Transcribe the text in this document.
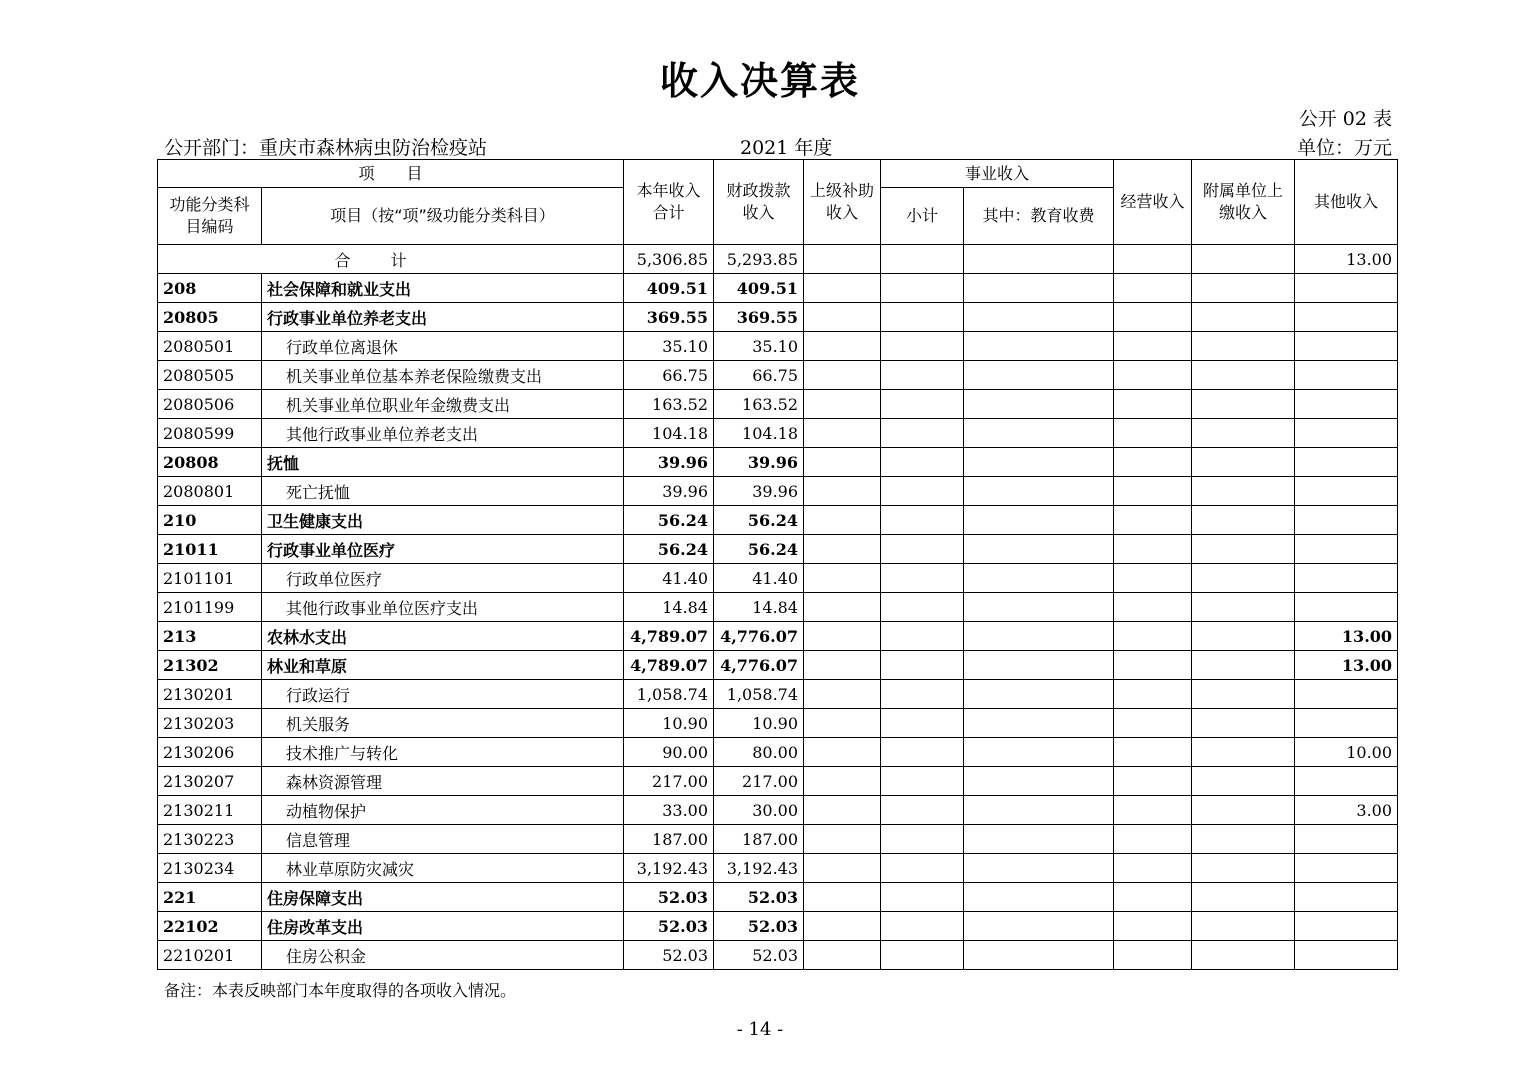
收入决算表
公开 02 表
公开部门：重庆市森林病虫防治检疫站	2021 年度	单位：万元
项　　目		本年收入合计	财政拨款收入	上级补助收入	事业收入		经营收入	附属单位上缴收入	其他收入
功能分类科目编码	项目（按“项”级功能分类科目）				小计	其中：教育收费			
合计		5,306.85	5,293.85						13.00
208	社会保障和就业支出	409.51	409.51						
20805	行政事业单位养老支出	369.55	369.55						
2080501	行政单位离退休	35.10	35.10						
2080505	机关事业单位基本养老保险缴费支出	66.75	66.75						
2080506	机关事业单位职业年金缴费支出	163.52	163.52						
2080599	其他行政事业单位养老支出	104.18	104.18						
20808	抚恤	39.96	39.96						
2080801	死亡抚恤	39.96	39.96						
210	卫生健康支出	56.24	56.24						
21011	行政事业单位医疗	56.24	56.24						
2101101	行政单位医疗	41.40	41.40						
2101199	其他行政事业单位医疗支出	14.84	14.84						
213	农林水支出	4,789.07	4,776.07						13.00
21302	林业和草原	4,789.07	4,776.07						13.00
2130201	行政运行	1,058.74	1,058.74						
2130203	机关服务	10.90	10.90						
2130206	技术推广与转化	90.00	80.00						10.00
2130207	森林资源管理	217.00	217.00						
2130211	动植物保护	33.00	30.00						3.00
2130223	信息管理	187.00	187.00						
2130234	林业草原防灾减灾	3,192.43	3,192.43						
221	住房保障支出	52.03	52.03						
22102	住房改革支出	52.03	52.03						
2210201	住房公积金	52.03	52.03						
备注：本表反映部门本年度取得的各项收入情况。
- 14 -
